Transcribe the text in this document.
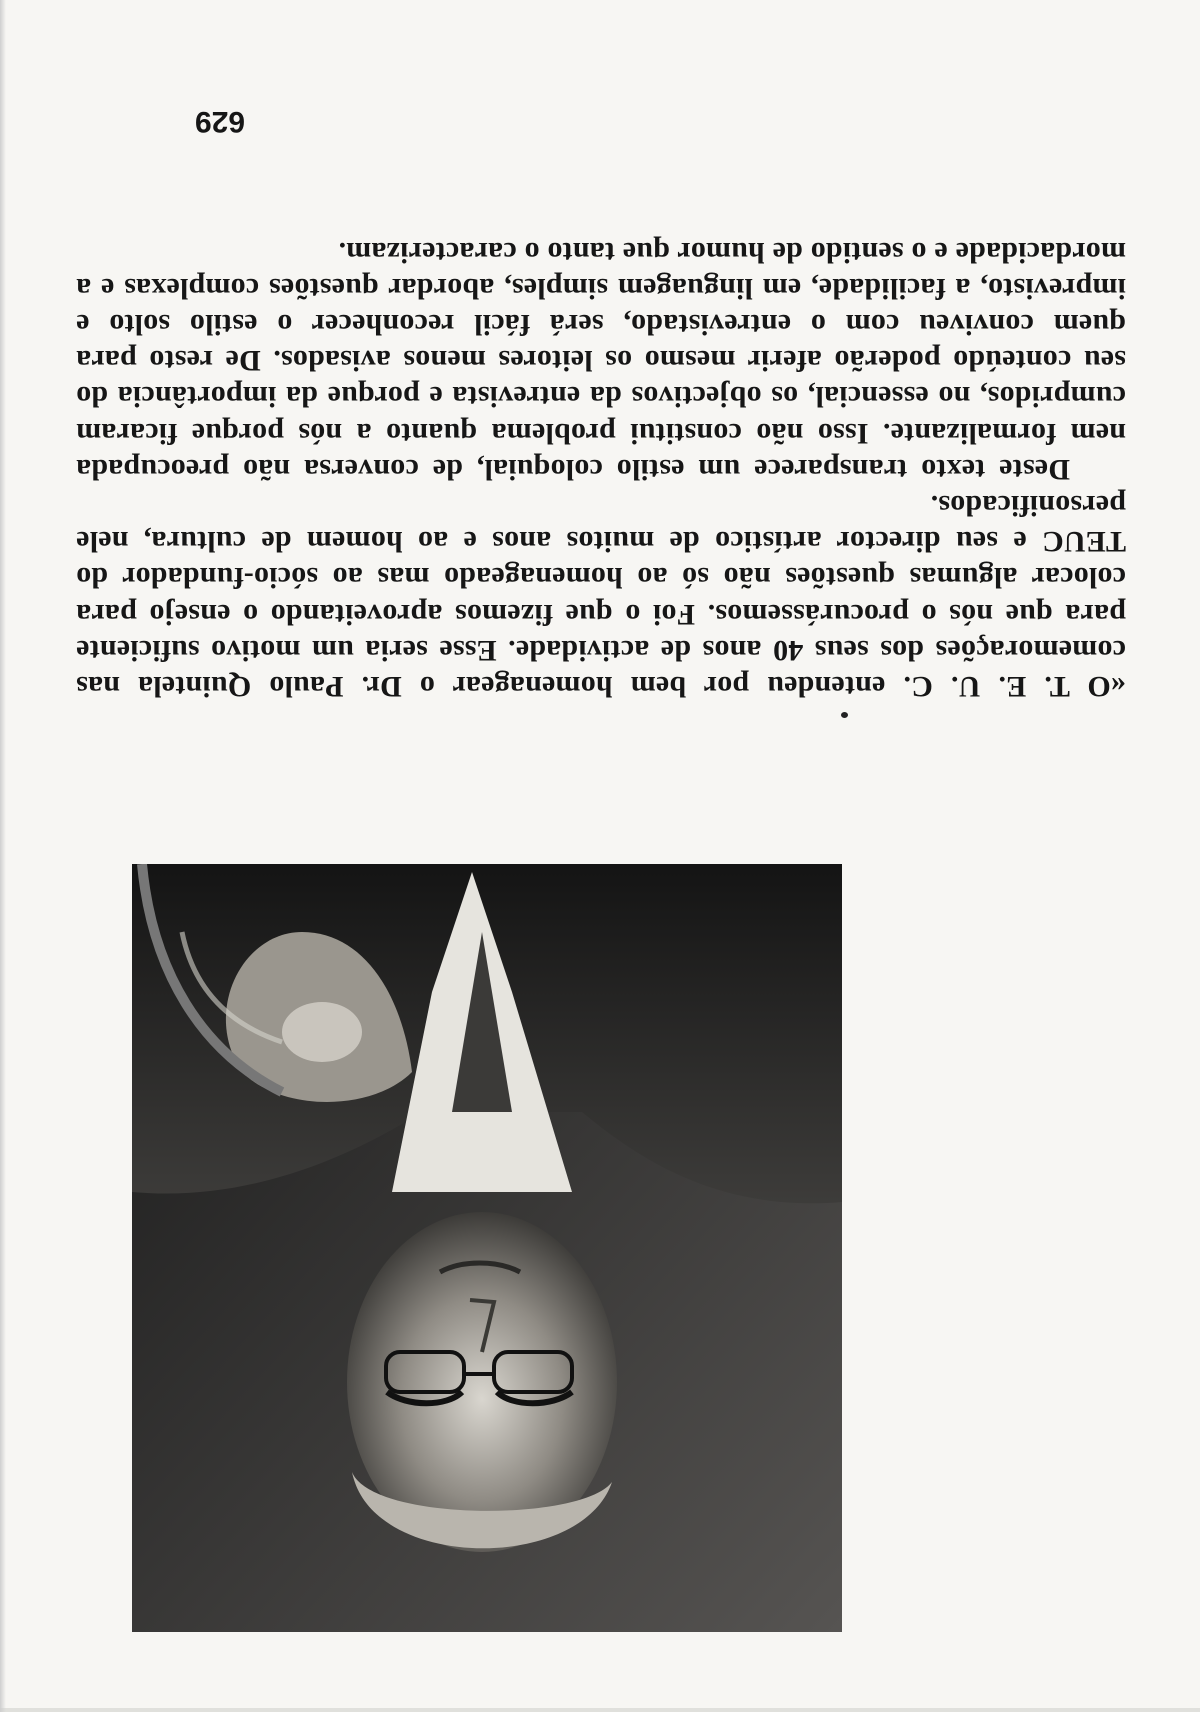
«O T. E. U. C. entendeu por bem homenagear o Dr. Paulo Quintela nas comemorações dos seus 40 anos de actividade. Esse seria um motivo suficiente para que nós o procurássemos. Foi o que fizemos aproveitando o ensejo para colocar algumas questões não só ao homenageado mas ao sócio-fundador do TEUC e seu director artístico de muitos anos e ao homem de cultura, nele personificados.

Deste texto transparece um estilo coloquial, de conversa não preocupada nem formalizante. Isso não constitui problema quanto a nós porque ficaram cumpridos, no essencial, os objectivos da entrevista e porque da importância do seu conteúdo poderão aferir mesmo os leitores menos avisados. De resto para quem conviveu com o entrevistado, será fácil reconhecer o estilo solto e imprevisto, a facilidade, em linguagem simples, abordar questões complexas e a mordacidade e o sentido de humor que tanto o caracterizam.

629
